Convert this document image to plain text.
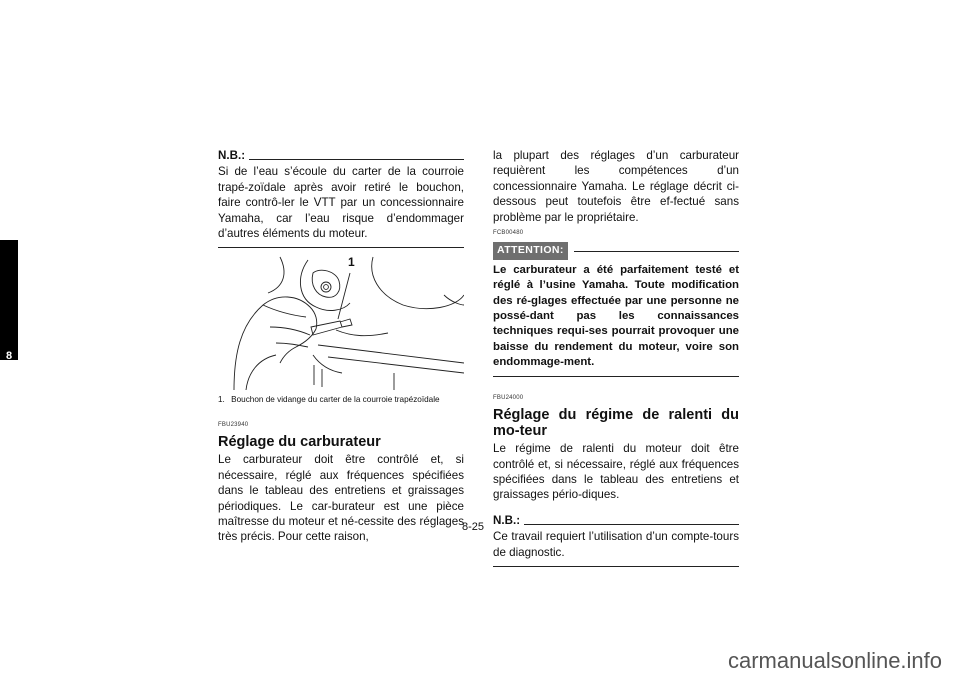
8
N.B.:

Si de l’eau s’écoule du carter de la courroie trapé-zoïdale après avoir retiré le bouchon, faire contrô-ler le VTT par un concessionnaire Yamaha, car l’eau risque d’endommager d’autres éléments du moteur.

1
1. Bouchon de vidange du carter de la courroie trapézoïdale
FBU23940
Réglage du carburateur

Le carburateur doit être contrôlé et, si nécessaire, réglé aux fréquences spécifiées dans le tableau des entretiens et graissages périodiques. Le car-burateur est une pièce maîtresse du moteur et né-cessite des réglages très précis. Pour cette raison,

la plupart des réglages d’un carburateur requièrent les compétences d’un concessionnaire Yamaha. Le réglage décrit ci-dessous peut toutefois être ef-fectué sans problème par le propriétaire.

FCB00480
ATTENTION:

Le carburateur a été parfaitement testé et réglé à l’usine Yamaha. Toute modification des ré-glages effectuée par une personne ne possé-dant pas les connaissances techniques requi-ses pourrait provoquer une baisse du rendement du moteur, voire son endommage-ment.

FBU24000
Réglage du régime de ralenti du mo-teur

Le régime de ralenti du moteur doit être contrôlé et, si nécessaire, réglé aux fréquences spécifiées dans le tableau des entretiens et graissages pério-diques.

N.B.:

Ce travail requiert l’utilisation d’un compte-tours de diagnostic.

8-25
carmanualsonline.info
